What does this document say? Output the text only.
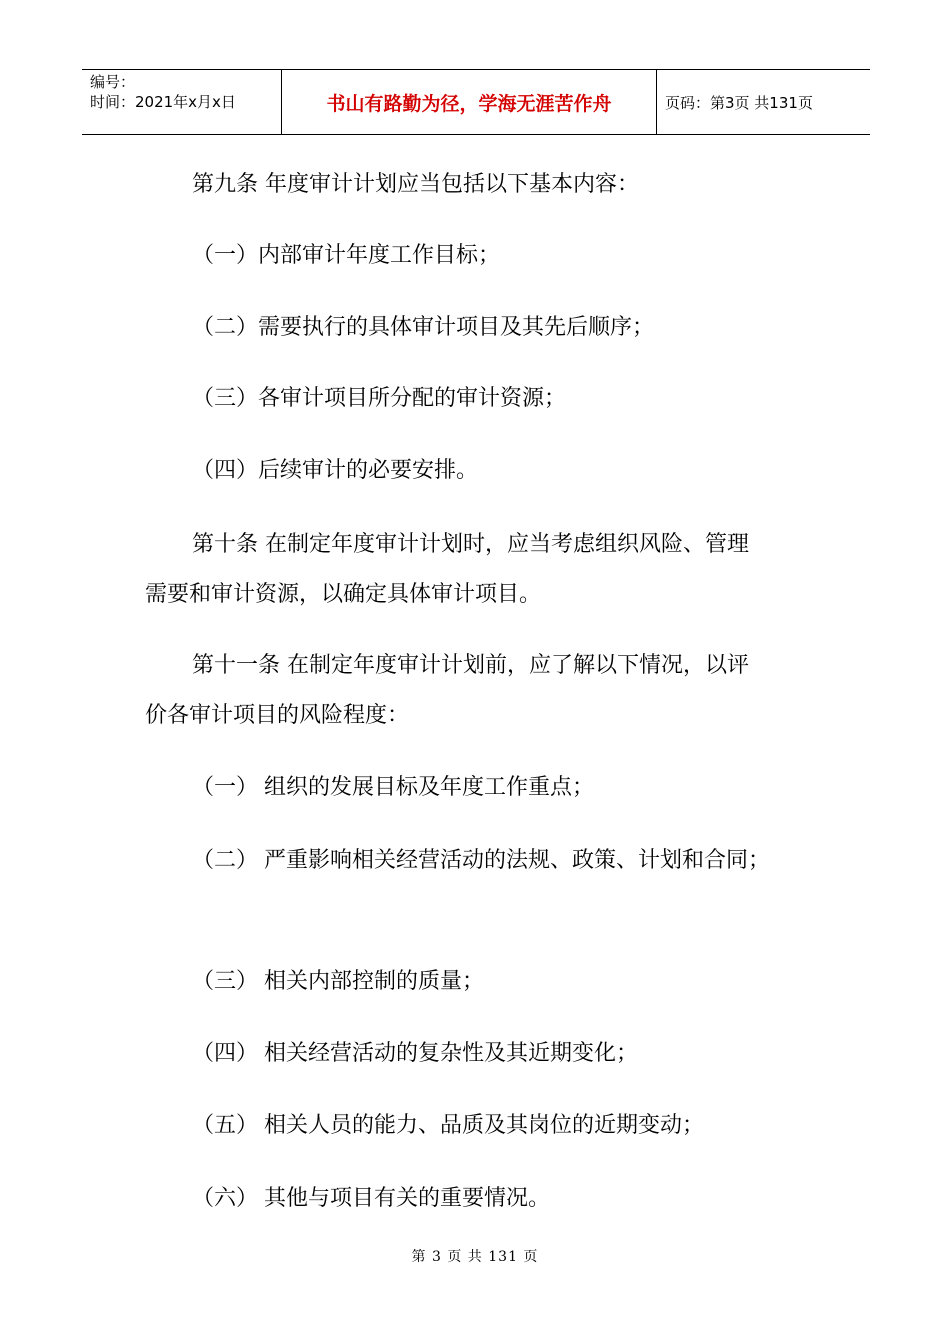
编号：
时间：2021年x月x日	书山有路勤为径，学海无涯苦作舟	页码：第3页 共131页
第九条 年度审计计划应当包括以下基本内容：
（一）内部审计年度工作目标；
（二）需要执行的具体审计项目及其先后顺序；
（三）各审计项目所分配的审计资源；
（四）后续审计的必要安排。
第十条 在制定年度审计计划时，应当考虑组织风险、管理
需要和审计资源，以确定具体审计项目。
第十一条 在制定年度审计计划前，应了解以下情况，以评
价各审计项目的风险程度：
（一） 组织的发展目标及年度工作重点；
（二） 严重影响相关经营活动的法规、政策、计划和合同；
（三） 相关内部控制的质量；
（四） 相关经营活动的复杂性及其近期变化；
（五） 相关人员的能力、品质及其岗位的近期变动；
（六） 其他与项目有关的重要情况。
第 3 页 共 131 页
